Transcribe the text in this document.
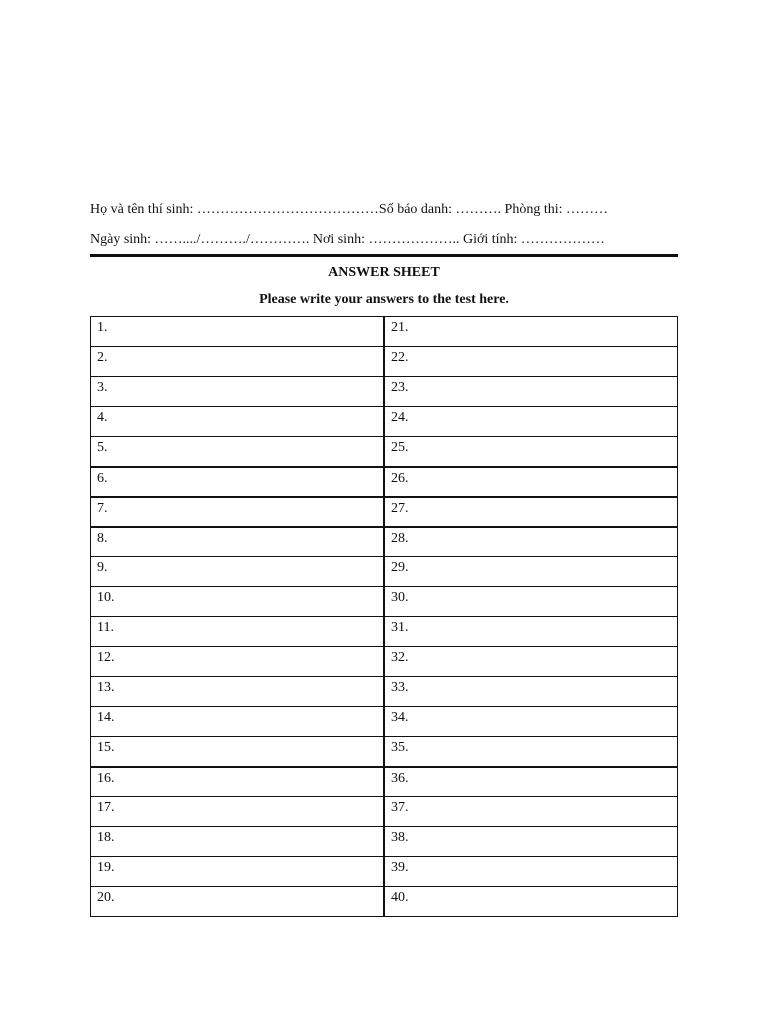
Họ và tên thí sinh: …………………………………Số báo danh: ………. Phòng thi: ………
Ngày sinh: ……..../………./…………. Nơi sinh: ……………….. Giới tính: ………………
ANSWER SHEET
Please write your answers to the test here.
1.	21.
2.	22.
3.	23.
4.	24.
5.	25.
6.	26.
7.	27.
8.	28.
9.	29.
10.	30.
11.	31.
12.	32.
13.	33.
14.	34.
15.	35.
16.	36.
17.	37.
18.	38.
19.	39.
20.	40.
